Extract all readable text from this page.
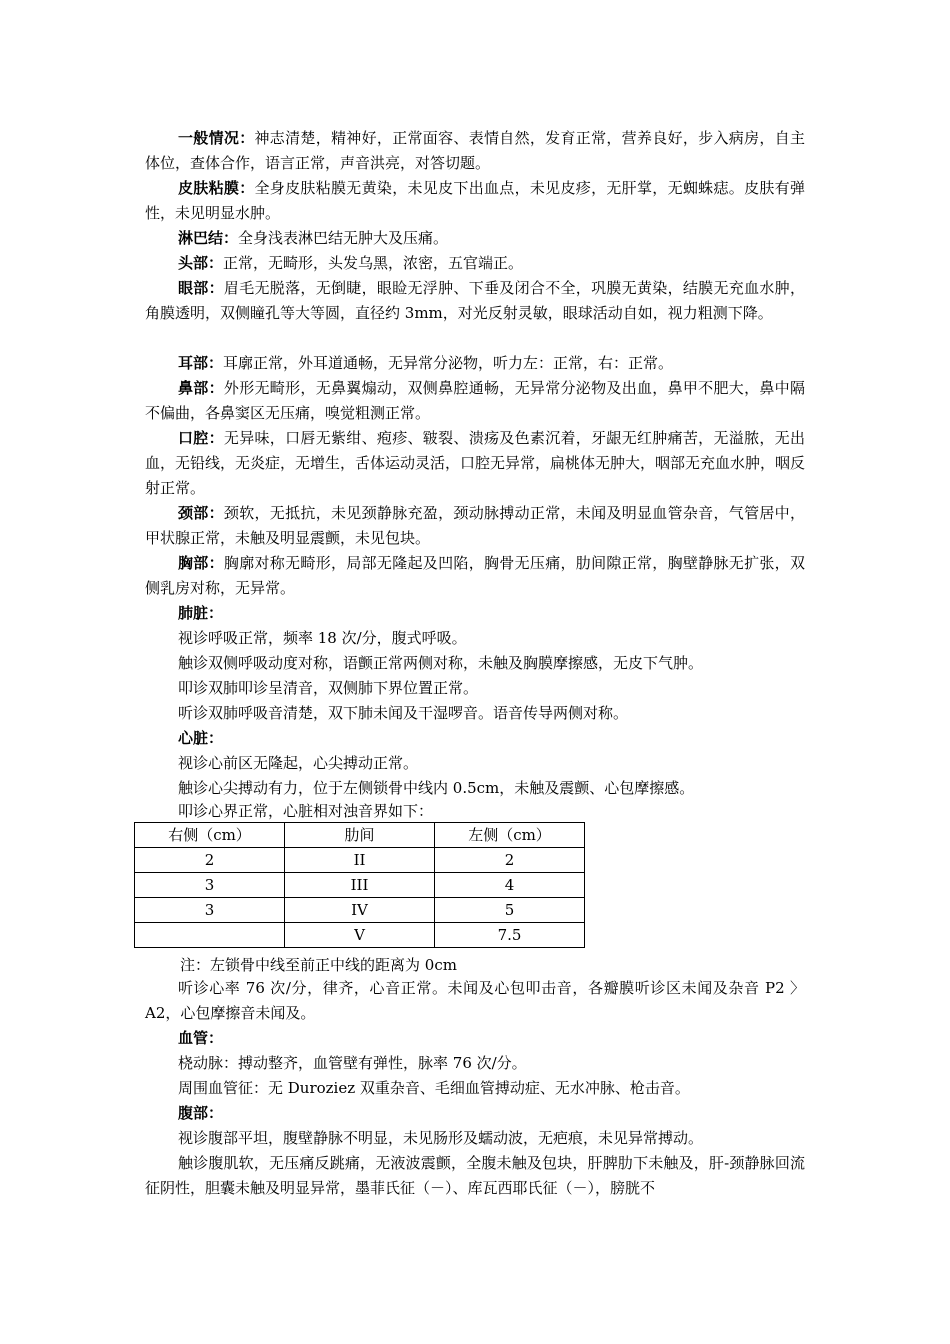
一般情况：神志清楚，精神好，正常面容、表情自然，发育正常，营养良好，步入病房，自主体位，查体合作，语言正常，声音洪亮，对答切题。

皮肤粘膜：全身皮肤粘膜无黄染，未见皮下出血点，未见皮疹，无肝掌，无蜘蛛痣。皮肤有弹性，未见明显水肿。

淋巴结：全身浅表淋巴结无肿大及压痛。

头部：正常，无畸形，头发乌黑，浓密，五官端正。

眼部：眉毛无脱落，无倒睫，眼睑无浮肿、下垂及闭合不全，巩膜无黄染，结膜无充血水肿，角膜透明，双侧瞳孔等大等圆，直径约 3mm，对光反射灵敏，眼球活动自如，视力粗测下降。

耳部：耳廓正常，外耳道通畅，无异常分泌物，听力左：正常，右：正常。

鼻部：外形无畸形，无鼻翼煽动，双侧鼻腔通畅，无异常分泌物及出血，鼻甲不肥大，鼻中隔不偏曲，各鼻窦区无压痛，嗅觉粗测正常。

口腔：无异味，口唇无紫绀、疱疹、皲裂、溃疡及色素沉着，牙龈无红肿痛苦，无溢脓，无出血，无铅线，无炎症，无增生，舌体运动灵活，口腔无异常，扁桃体无肿大，咽部无充血水肿，咽反射正常。

颈部：颈软，无抵抗，未见颈静脉充盈，颈动脉搏动正常，未闻及明显血管杂音，气管居中，甲状腺正常，未触及明显震颤，未见包块。

胸部：胸廓对称无畸形，局部无隆起及凹陷，胸骨无压痛，肋间隙正常，胸壁静脉无扩张，双侧乳房对称，无异常。

肺脏：
视诊呼吸正常，频率 18 次/分，腹式呼吸。
触诊双侧呼吸动度对称，语颤正常两侧对称，未触及胸膜摩擦感，无皮下气肿。
叩诊双肺叩诊呈清音，双侧肺下界位置正常。
听诊双肺呼吸音清楚，双下肺未闻及干湿啰音。语音传导两侧对称。
心脏：
视诊心前区无隆起，心尖搏动正常。
触诊心尖搏动有力，位于左侧锁骨中线内 0.5cm，未触及震颤、心包摩擦感。
叩诊心界正常，心脏相对浊音界如下：
右侧（cm）	肋间	左侧（cm）
2	II	2
3	III	4
3	IV	5
	V	7.5
注：左锁骨中线至前正中线的距离为 0cm

听诊心率 76 次/分，律齐，心音正常。未闻及心包叩击音，各瓣膜听诊区未闻及杂音 P2 〉A2，心包摩擦音未闻及。

血管：
桡动脉：搏动整齐，血管壁有弹性，脉率 76 次/分。
周围血管征：无 Duroziez 双重杂音、毛细血管搏动症、无水冲脉、枪击音。
腹部：
视诊腹部平坦，腹壁静脉不明显，未见肠形及蠕动波，无疤痕，未见异常搏动。

触诊腹肌软，无压痛反跳痛，无液波震颤，全腹未触及包块，肝脾肋下未触及，肝-颈静脉回流征阴性，胆囊未触及明显异常，墨菲氏征（－）、库瓦西耶氏征（－），膀胱不
